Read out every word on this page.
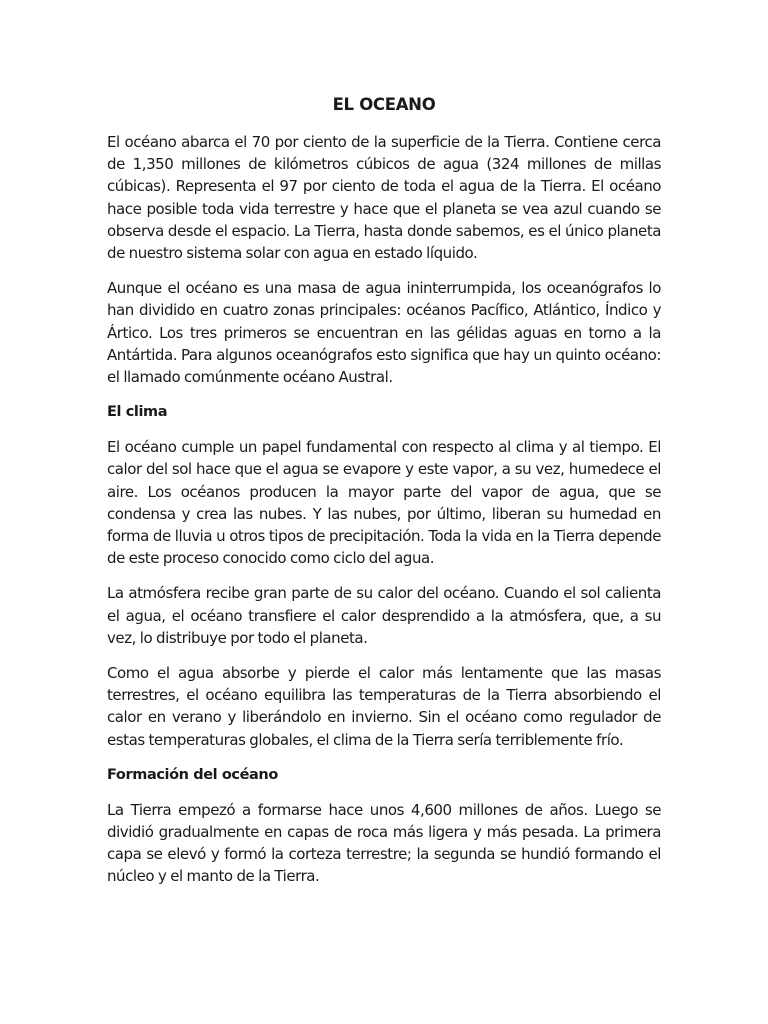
EL OCEANO

El océano abarca el 70 por ciento de la superficie de la Tierra. Contiene cerca de 1,350 millones de kilómetros cúbicos de agua (324 millones de millas cúbicas). Representa el 97 por ciento de toda el agua de la Tierra. El océano hace posible toda vida terrestre y hace que el planeta se vea azul cuando se observa desde el espacio. La Tierra, hasta donde sabemos, es el único planeta de nuestro sistema solar con agua en estado líquido.

Aunque el océano es una masa de agua ininterrumpida, los oceanógrafos lo han dividido en cuatro zonas principales: océanos Pacífico, Atlántico, Índico y Ártico. Los tres primeros se encuentran en las gélidas aguas en torno a la Antártida. Para algunos oceanógrafos esto significa que hay un quinto océano: el llamado comúnmente océano Austral.

El clima

El océano cumple un papel fundamental con respecto al clima y al tiempo. El calor del sol hace que el agua se evapore y este vapor, a su vez, humedece el aire. Los océanos producen la mayor parte del vapor de agua, que se condensa y crea las nubes. Y las nubes, por último, liberan su humedad en forma de lluvia u otros tipos de precipitación. Toda la vida en la Tierra depende de este proceso conocido como ciclo del agua.

La atmósfera recibe gran parte de su calor del océano. Cuando el sol calienta el agua, el océano transfiere el calor desprendido a la atmósfera, que, a su vez, lo distribuye por todo el planeta.

Como el agua absorbe y pierde el calor más lentamente que las masas terrestres, el océano equilibra las temperaturas de la Tierra absorbiendo el calor en verano y liberándolo en invierno. Sin el océano como regulador de estas temperaturas globales, el clima de la Tierra sería terriblemente frío.

Formación del océano

La Tierra empezó a formarse hace unos 4,600 millones de años. Luego se dividió gradualmente en capas de roca más ligera y más pesada. La primera capa se elevó y formó la corteza terrestre; la segunda se hundió formando el núcleo y el manto de la Tierra.
